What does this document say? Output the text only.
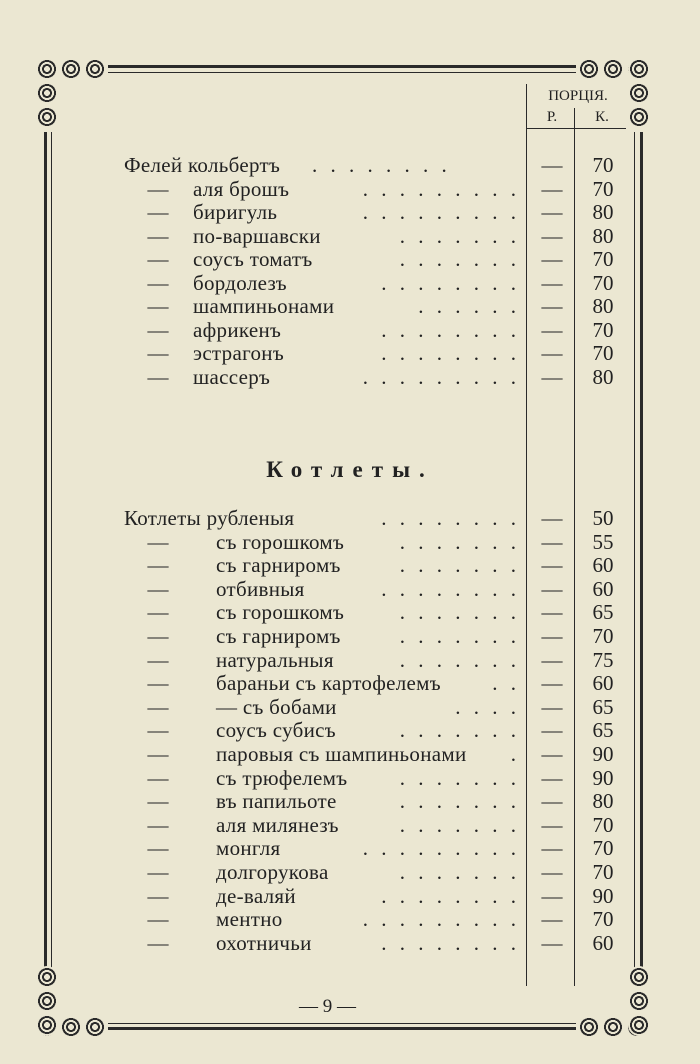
ПОРЦІЯ.
Р.	К.
Фелей кольбертъ . . . . . . . .	—	70
— аля брошъ	. . . . . . . . . —	70
— биригуль	. . . . . . . . . —	80
— по-варшавски	. . . . . . . —	80
— соусъ томатъ	. . . . . . . —	70
— бордолезъ	. . . . . . . . —	70
— шампиньонами	. . . . . . —	80
— африкенъ	. . . . . . . . —	70
— эстрагонъ	. . . . . . . . —	70
— шассеръ	. . . . . . . . . —	80
Котлеты.
Котлеты рубленыя	. . . . . . . . —	50
— съ горошкомъ	. . . . . . . —	55
— съ гарниромъ	. . . . . . . —	60
— отбивныя	. . . . . . . . —	60
— съ горошкомъ	. . . . . . . —	65
— съ гарниромъ	. . . . . . . —	70
— натуральныя	. . . . . . . —	75
— бараньи съ картофелемъ . . —	60
— — съ бобами	. . . . —	65
— соусъ субисъ	. . . . . . . —	65
— паровыя съ шампиньонами . —	90
— съ трюфелемъ . . . . . . . —	90
— въ папильоте	. . . . . . . —	80
— аля милянезъ	. . . . . . . —	70
— монгля	. . . . . . . . . —	70
— долгорукова	. . . . . . . —	70
— де-валяй	. . . . . . . . —	90
— ментно	. . . . . . . . . —	70
— охотничьи	. . . . . . . . —	60
— 9 —
